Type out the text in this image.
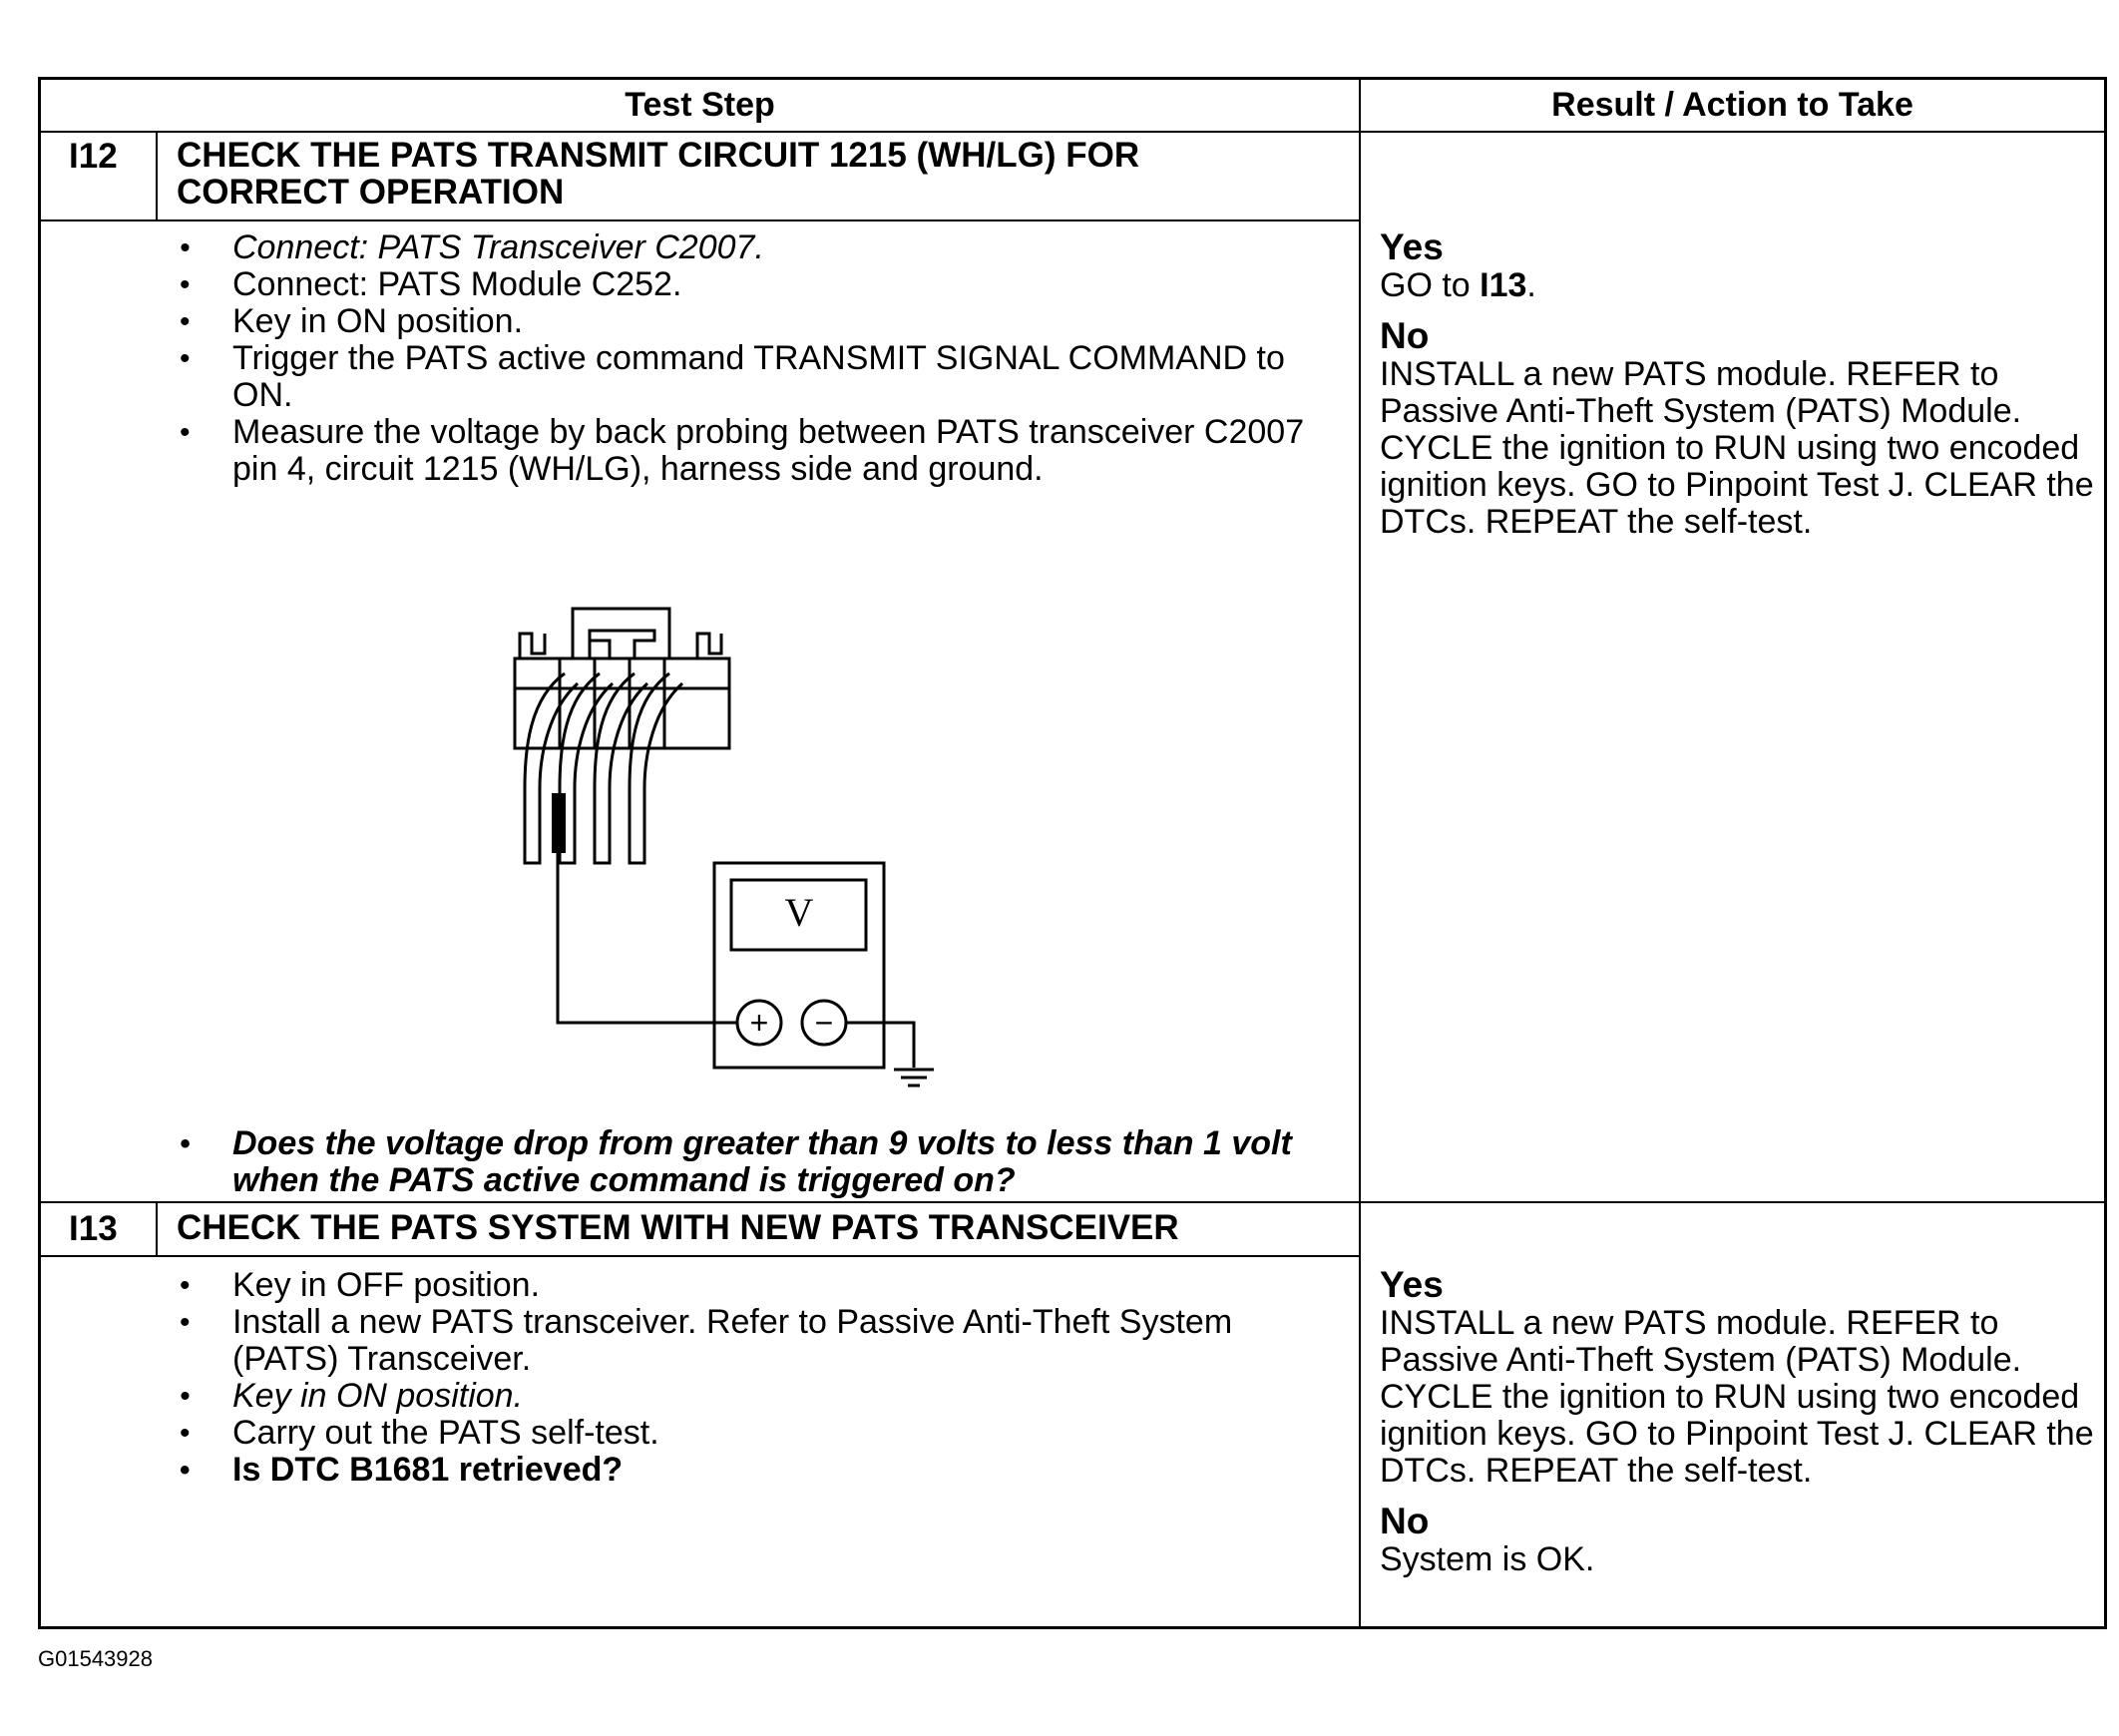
Test Step	Result / Action to Take
I12 CHECK THE PATS TRANSMIT CIRCUIT 1215 (WH/LG) FOR
CORRECT OPERATION
• Connect: PATS Transceiver C2007.
• Connect: PATS Module C252.
• Key in ON position.
• Trigger the PATS active command TRANSMIT SIGNAL COMMAND to ON.
• Measure the voltage by back probing between PATS transceiver C2007 pin 4, circuit 1215 (WH/LG), harness side and ground.
V
+ −
• Does the voltage drop from greater than 9 volts to less than 1 volt when the PATS active command is triggered on?
Yes
GO to I13.
No
INSTALL a new PATS module. REFER to Passive Anti-Theft System (PATS) Module. CYCLE the ignition to RUN using two encoded ignition keys. GO to Pinpoint Test J. CLEAR the DTCs. REPEAT the self-test.
I13 CHECK THE PATS SYSTEM WITH NEW PATS TRANSCEIVER
• Key in OFF position.
• Install a new PATS transceiver. Refer to Passive Anti-Theft System (PATS) Transceiver.
• Key in ON position.
• Carry out the PATS self-test.
• Is DTC B1681 retrieved?
Yes
INSTALL a new PATS module. REFER to Passive Anti-Theft System (PATS) Module. CYCLE the ignition to RUN using two encoded ignition keys. GO to Pinpoint Test J. CLEAR the DTCs. REPEAT the self-test.
No
System is OK.
G01543928
